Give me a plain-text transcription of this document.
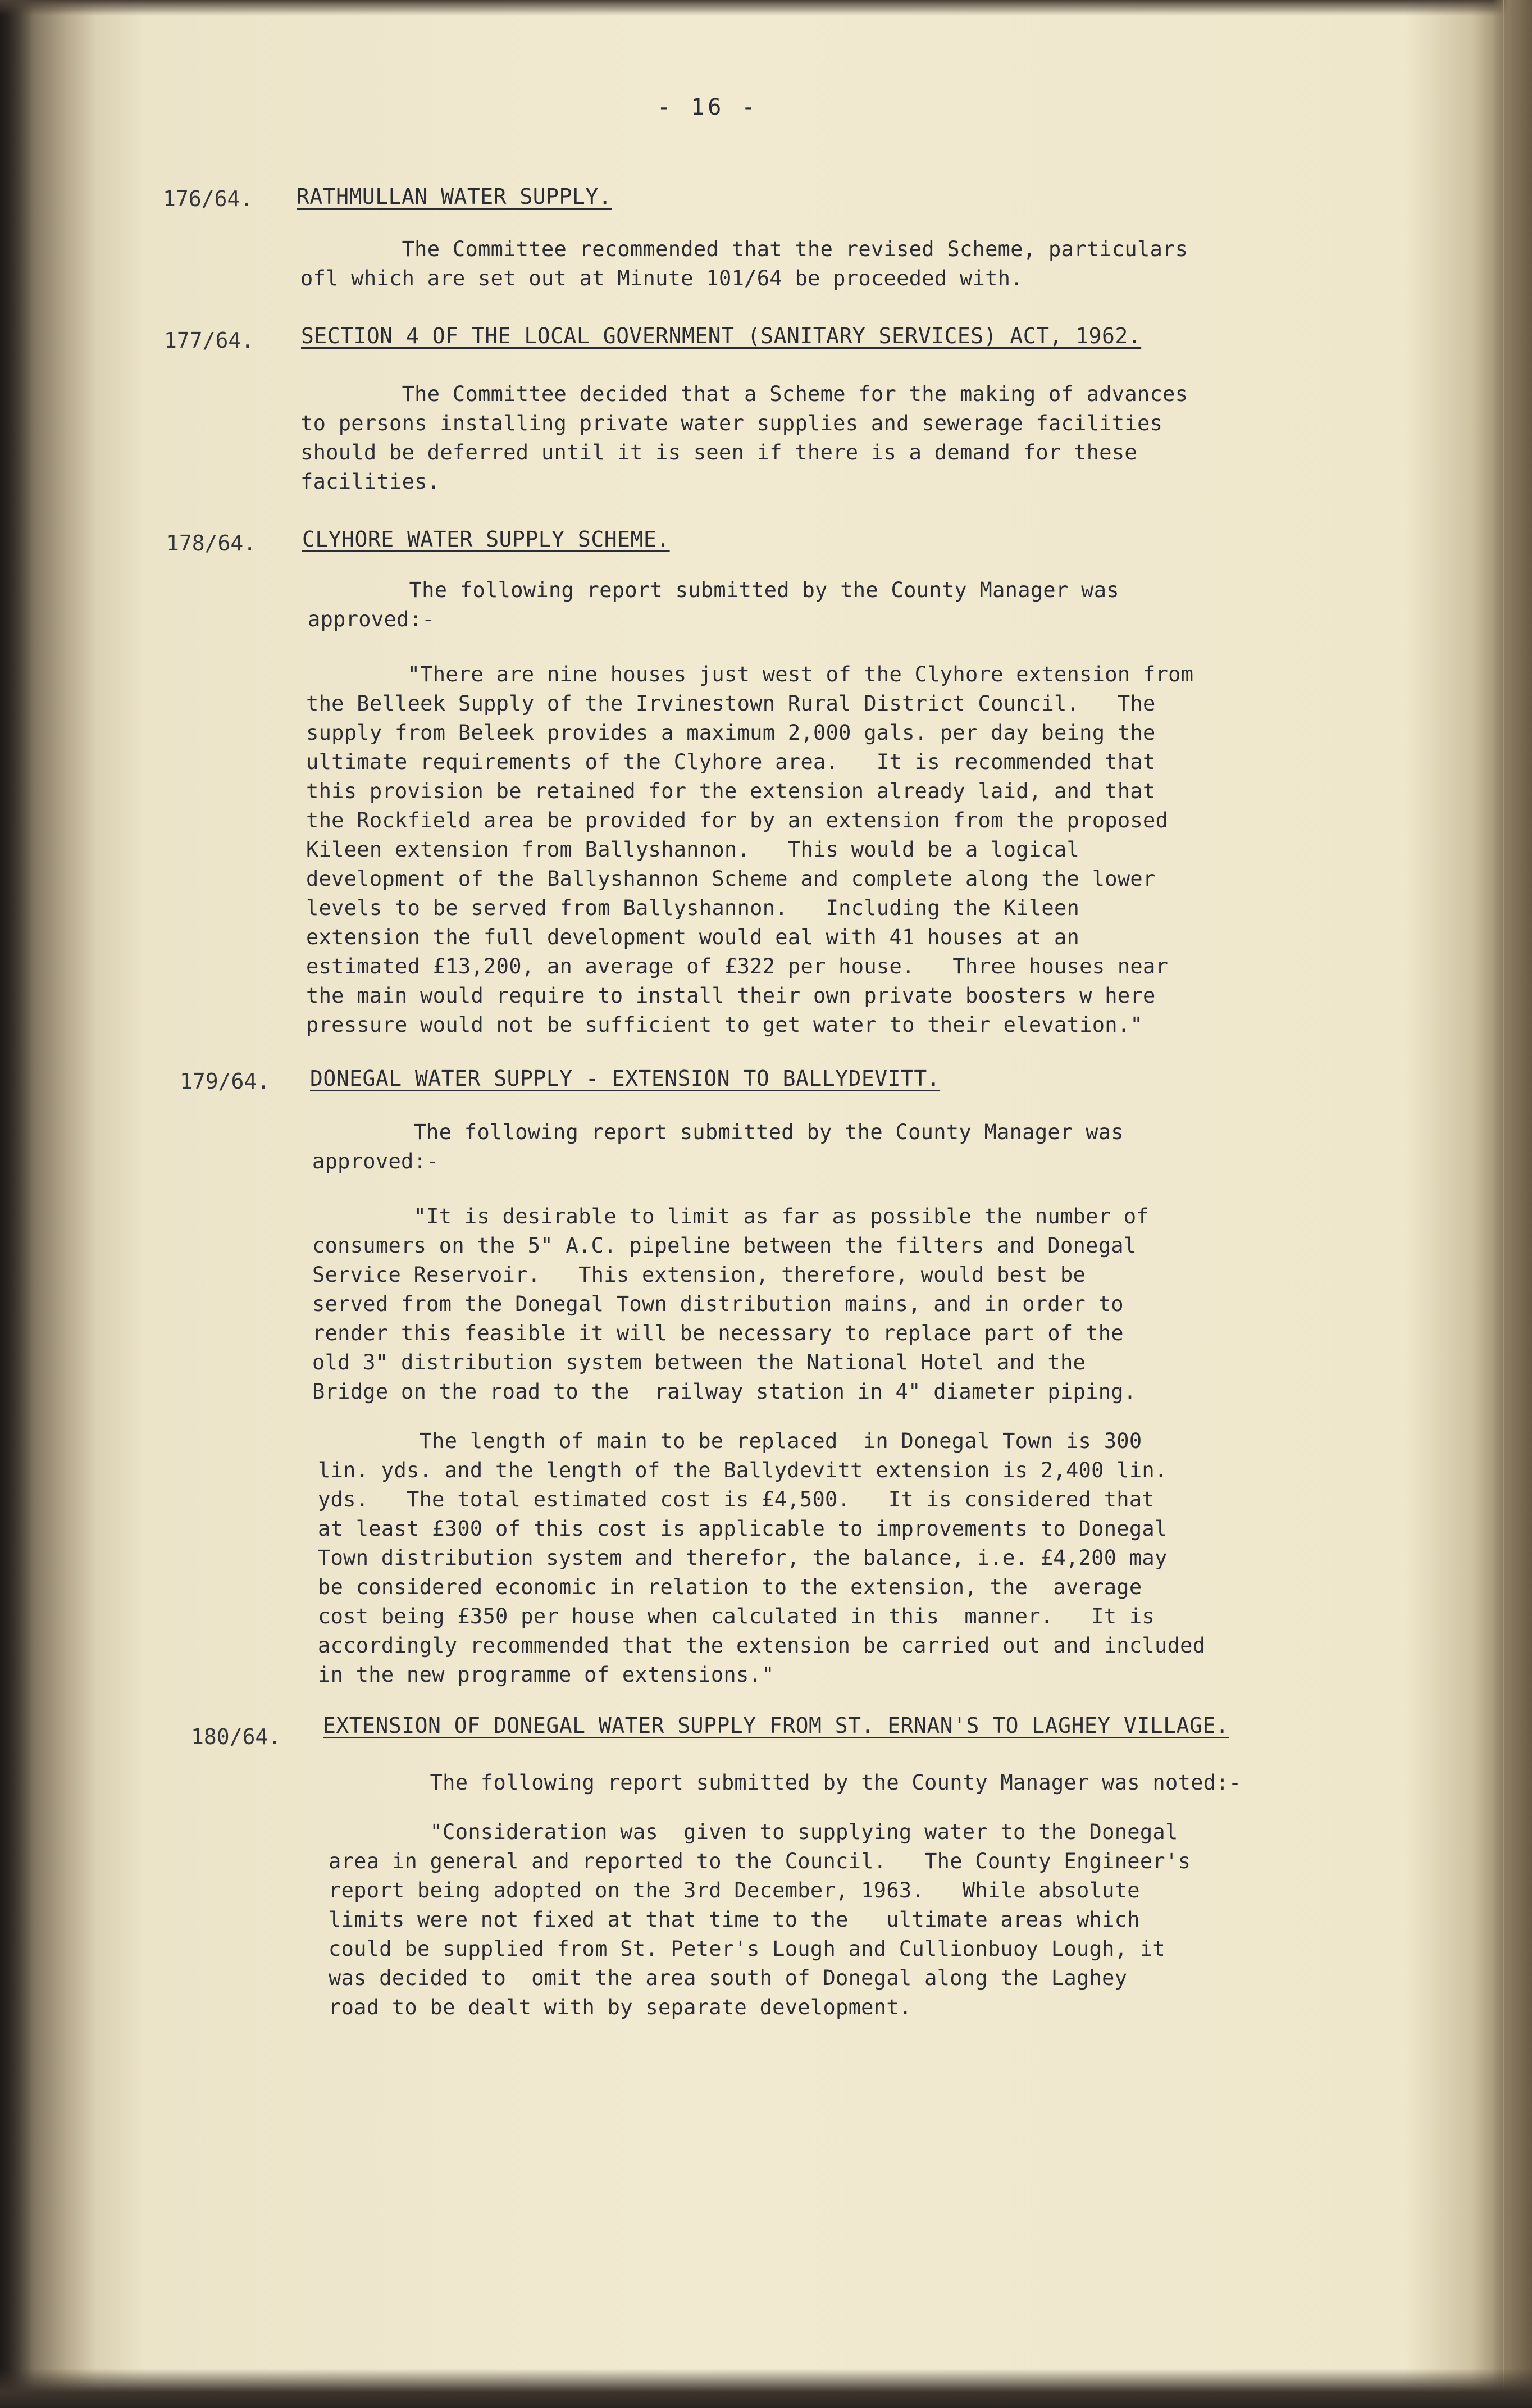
- 16 -
176/64. RATHMULLAN WATER SUPPLY.
The Committee recommended that the revised Scheme, particulars
ofl which are set out at Minute 101/64 be proceeded with.
177/64. SECTION 4 OF THE LOCAL GOVERNMENT (SANITARY SERVICES) ACT, 1962.
The Committee decided that a Scheme for the making of advances
to persons installing private water supplies and sewerage facilities
should be deferred until it is seen if there is a demand for these
facilities.
178/64. CLYHORE WATER SUPPLY SCHEME.
The following report submitted by the County Manager was
approved:-
"There are nine houses just west of the Clyhore extension from
the Belleek Supply of the Irvinestown Rural District Council.   The
supply from Beleek provides a maximum 2,000 gals. per day being the
ultimate requirements of the Clyhore area.   It is recommended that
this provision be retained for the extension already laid, and that
the Rockfield area be provided for by an extension from the proposed
Kileen extension from Ballyshannon.   This would be a logical
development of the Ballyshannon Scheme and complete along the lower
levels to be served from Ballyshannon.   Including the Kileen
extension the full development would eal with 41 houses at an
estimated £13,200, an average of £322 per house.   Three houses near
the main would require to install their own private boosters w here
pressure would not be sufficient to get water to their elevation."
179/64. DONEGAL WATER SUPPLY - EXTENSION TO BALLYDEVITT.
The following report submitted by the County Manager was
approved:-
"It is desirable to limit as far as possible the number of
consumers on the 5" A.C. pipeline between the filters and Donegal
Service Reservoir.   This extension, therefore, would best be
served from the Donegal Town distribution mains, and in order to
render this feasible it will be necessary to replace part of the
old 3" distribution system between the National Hotel and the
Bridge on the road to the  railway station in 4" diameter piping.
The length of main to be replaced  in Donegal Town is 300
lin. yds. and the length of the Ballydevitt extension is 2,400 lin.
yds.   The total estimated cost is £4,500.   It is considered that
at least £300 of this cost is applicable to improvements to Donegal
Town distribution system and therefor, the balance, i.e. £4,200 may
be considered economic in relation to the extension, the  average
cost being £350 per house when calculated in this  manner.   It is
accordingly recommended that the extension be carried out and included
in the new programme of extensions."
180/64. EXTENSION OF DONEGAL WATER SUPPLY FROM ST. ERNAN'S TO LAGHEY VILLAGE.
The following report submitted by the County Manager was noted:-
"Consideration was  given to supplying water to the Donegal
area in general and reported to the Council.   The County Engineer's
report being adopted on the 3rd December, 1963.   While absolute
limits were not fixed at that time to the   ultimate areas which
could be supplied from St. Peter's Lough and Cullionbuoy Lough, it
was decided to  omit the area south of Donegal along the Laghey
road to be dealt with by separate development.
